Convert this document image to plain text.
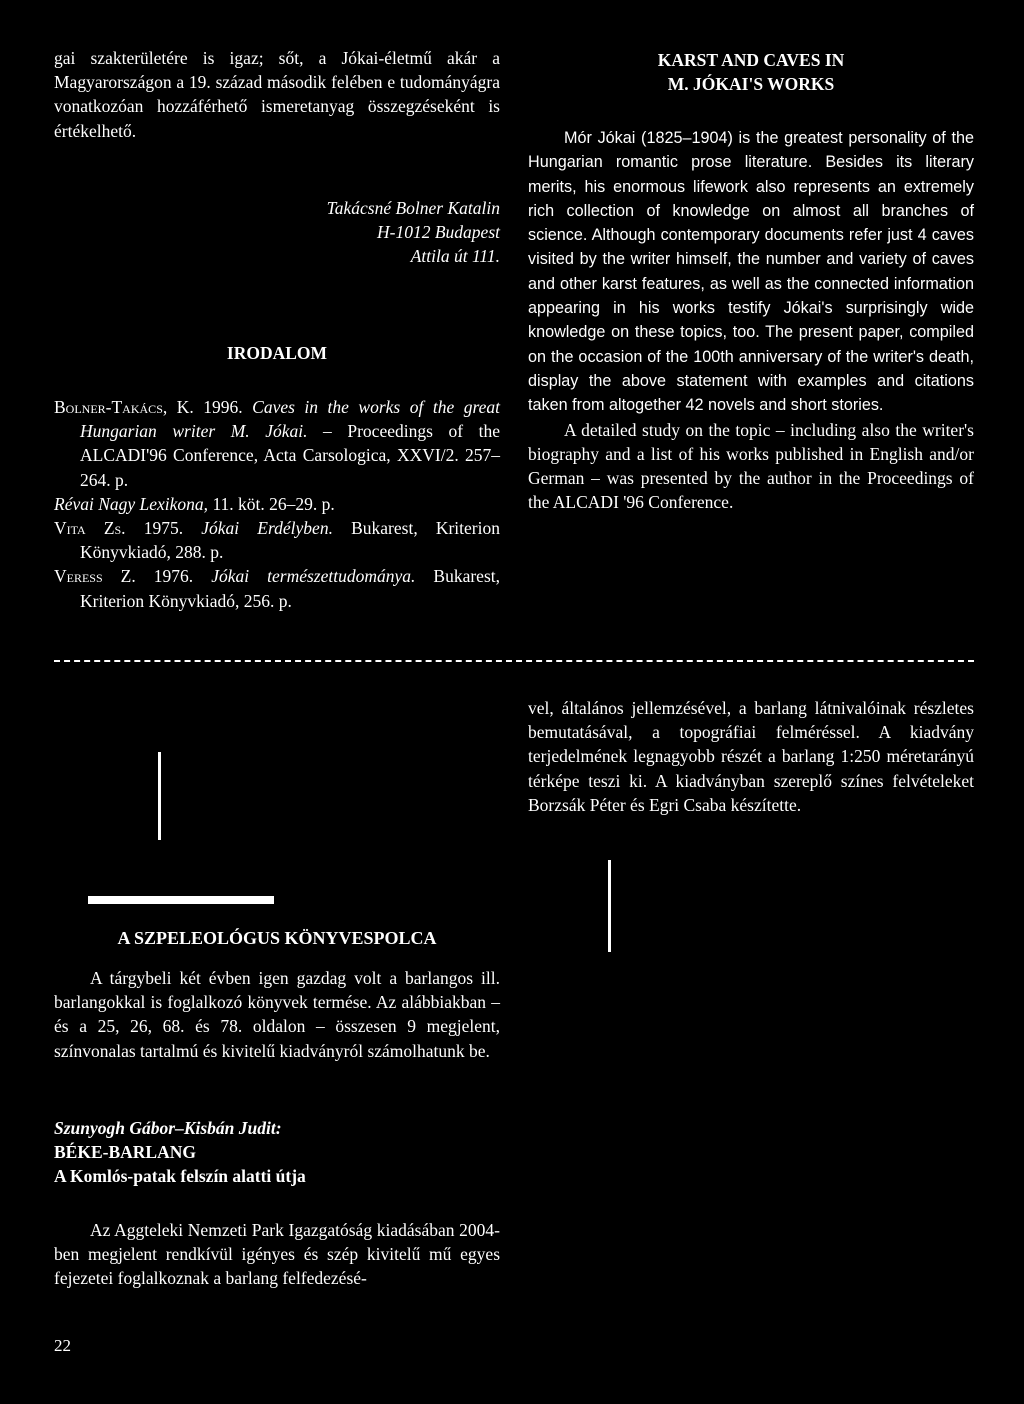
gai szakterületére is igaz; sőt, a Jókai-életmű akár a Magyarországon a 19. század második felében e tudományágra vonatkozóan hozzáférhető ismeretanyag összegzéseként is értékelhető.

Takácsné Bolner Katalin
H-1012 Budapest
Attila út 111.
IRODALOM

Bolner-Takács, K. 1996. Caves in the works of the great Hungarian writer M. Jókai. – Proceedings of the ALCADI'96 Conference, Acta Carsologica, XXVI/2. 257–264. p.

Révai Nagy Lexikona, 11. köt. 26–29. p.

Vita Zs. 1975. Jókai Erdélyben. Bukarest, Kriterion Könyvkiadó, 288. p.

Veress Z. 1976. Jókai természettudománya. Bukarest, Kriterion Könyvkiadó, 256. p.

KARST AND CAVES IN
M. JÓKAI'S WORKS

Mór Jókai (1825–1904) is the greatest personality of the Hungarian romantic prose literature. Besides its literary merits, his enormous lifework also represents an extremely rich collection of knowledge on almost all branches of science. Although contemporary documents refer just 4 caves visited by the writer himself, the number and variety of caves and other karst features, as well as the connected information appearing in his works testify Jókai's surprisingly wide knowledge on these topics, too. The present paper, compiled on the occasion of the 100th anniversary of the writer's death, display the above statement with examples and citations taken from altogether 42 novels and short stories.

A detailed study on the topic – including also the writer's biography and a list of his works published in English and/or German – was presented by the author in the Proceedings of the ALCADI '96 Conference.

vel, általános jellemzésével, a barlang látnivalóinak részletes bemutatásával, a topográfiai felméréssel. A kiadvány terjedelmének legnagyobb részét a barlang 1:250 méretarányú térképe teszi ki. A kiadványban szereplő színes felvételeket Borzsák Péter és Egri Csaba készítette.

A SZPELEOLÓGUS KÖNYVESPOLCA

A tárgybeli két évben igen gazdag volt a barlangos ill. barlangokkal is foglalkozó könyvek termése. Az alábbiakban – és a 25, 26, 68. és 78. oldalon – összesen 9 megjelent, színvonalas tartalmú és kivitelű kiadványról számolhatunk be.

Szunyogh Gábor–Kisbán Judit:
BÉKE-BARLANG
A Komlós-patak felszín alatti útja

Az Aggteleki Nemzeti Park Igazgatóság kiadásában 2004-ben megjelent rendkívül igényes és szép kivitelű mű egyes fejezetei foglalkoznak a barlang felfedezésé-

22
